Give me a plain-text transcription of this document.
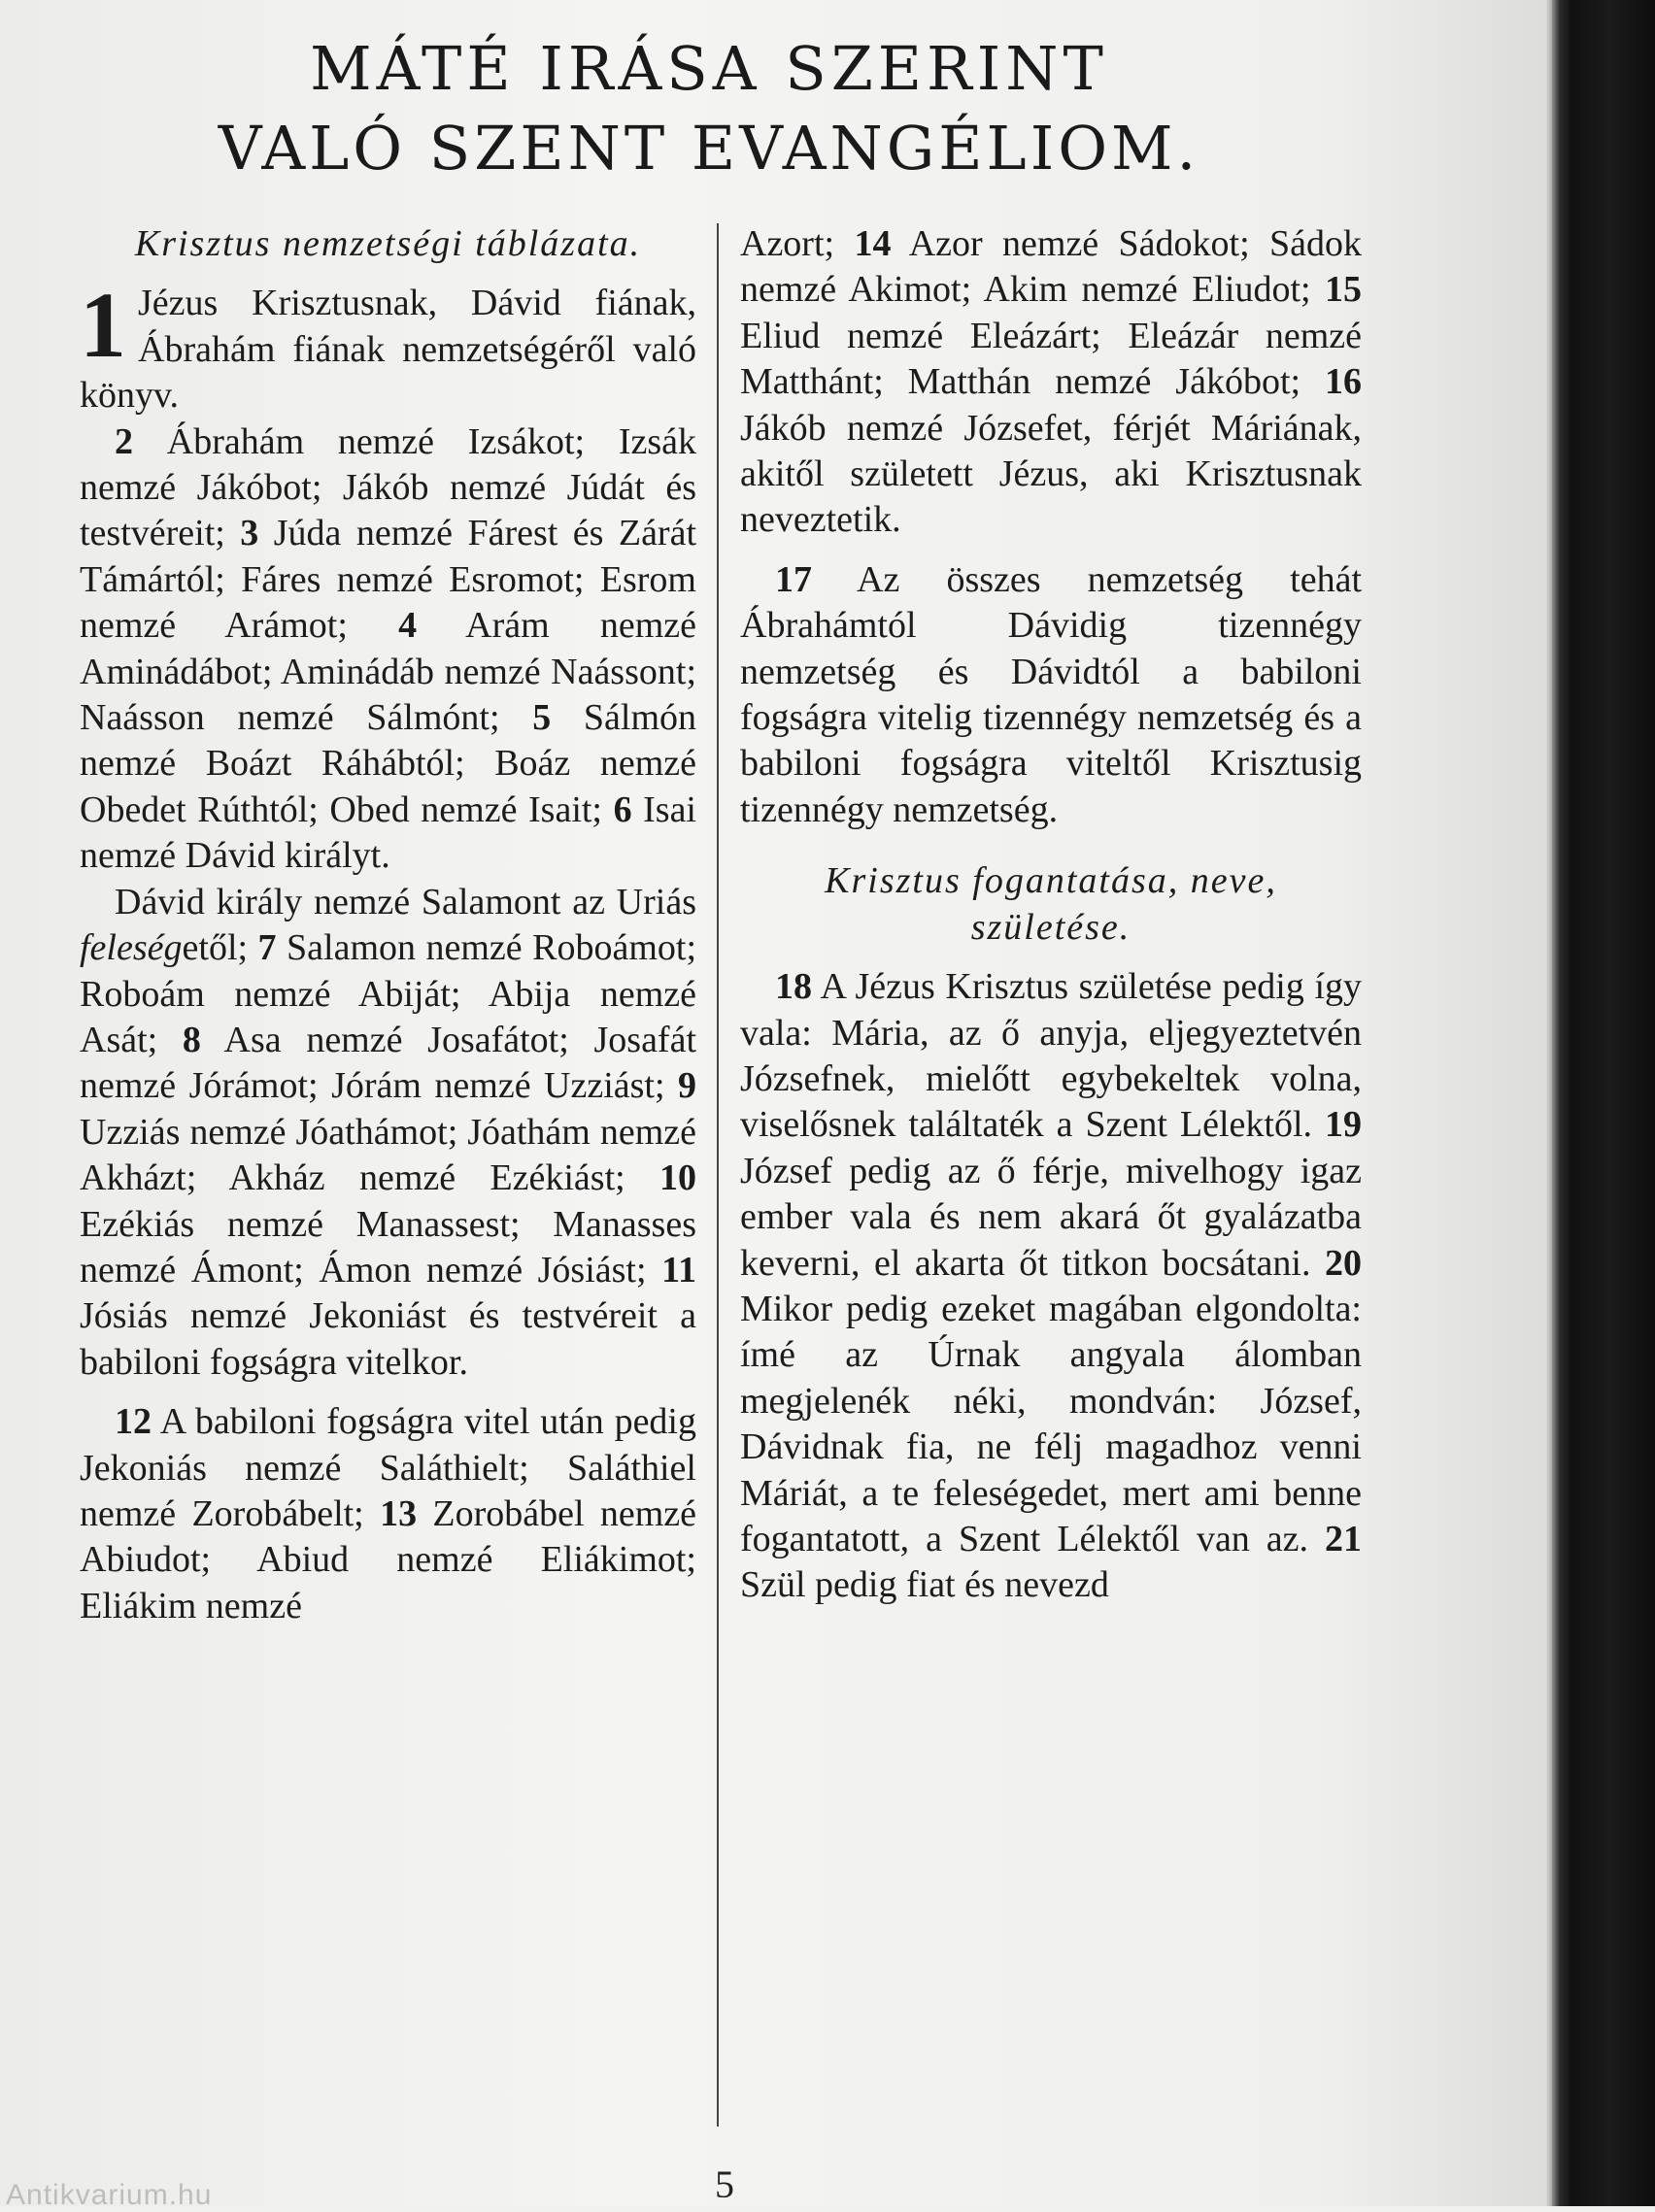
MÁTÉ IRÁSA SZERINT
VALÓ SZENT EVANGÉLIOM.
Krisztus nemzetségi táblázata.
1 Jézus Krisztusnak, Dávid fiának, Ábrahám fiának nemzetségéről való könyv.

2 Ábrahám nemzé Izsákot; Izsák nemzé Jákóbot; Jákób nemzé Júdát és testvéreit; 3 Júda nemzé Fárest és Zárát Támártól; Fáres nemzé Esromot; Esrom nemzé Arámot; 4 Arám nemzé Aminádábot; Aminádáb nemzé Naássont; Naásson nemzé Sálmónt; 5 Sálmón nemzé Boázt Ráhábtól; Boáz nemzé Obedet Rúthtól; Obed nemzé Isait; 6 Isai nemzé Dávid királyt.

Dávid király nemzé Salamont az Uriás feleségetől; 7 Salamon nemzé Roboámot; Roboám nemzé Abiját; Abija nemzé Asát; 8 Asa nemzé Josafátot; Josafát nemzé Jórámot; Jórám nemzé Uzziást; 9 Uzziás nemzé Jóathámot; Jóathám nemzé Akházt; Akház nemzé Ezékiást; 10 Ezékiás nemzé Manassest; Manasses nemzé Ámont; Ámon nemzé Jósiást; 11 Jósiás nemzé Jekoniást és testvéreit a babiloni fogságra vitelkor.

12 A babiloni fogságra vitel után pedig Jekoniás nemzé Saláthielt; Saláthiel nemzé Zorobábelt; 13 Zorobábel nemzé Abiudot; Abiud nemzé Eliákimot; Eliákim nemzé

Azort; 14 Azor nemzé Sádokot; Sádok nemzé Akimot; Akim nemzé Eliudot; 15 Eliud nemzé Eleázárt; Eleázár nemzé Matthánt; Matthán nemzé Jákóbot; 16 Jákób nemzé Józsefet, férjét Máriának, akitől született Jézus, aki Krisztusnak neveztetik.

17 Az összes nemzetség tehát Ábrahámtól Dávidig tizennégy nemzetség és Dávidtól a babiloni fogságra vitelig tizennégy nemzetség és a babiloni fogságra viteltől Krisztusig tizennégy nemzetség.

Krisztus fogantatása, neve, születése.

18 A Jézus Krisztus születése pedig így vala: Mária, az ő anyja, eljegyeztetvén Józsefnek, mielőtt egybekeltek volna, viselősnek találtaték a Szent Lélektől. 19 József pedig az ő férje, mivelhogy igaz ember vala és nem akará őt gyalázatba keverni, el akarta őt titkon bocsátani. 20 Mikor pedig ezeket magában elgondolta: ímé az Úrnak angyala álomban megjelenék néki, mondván: József, Dávidnak fia, ne félj magadhoz venni Máriát, a te feleségedet, mert ami benne fogantatott, a Szent Lélektől van az. 21 Szül pedig fiat és nevezd

5
Antikvarium.hu
